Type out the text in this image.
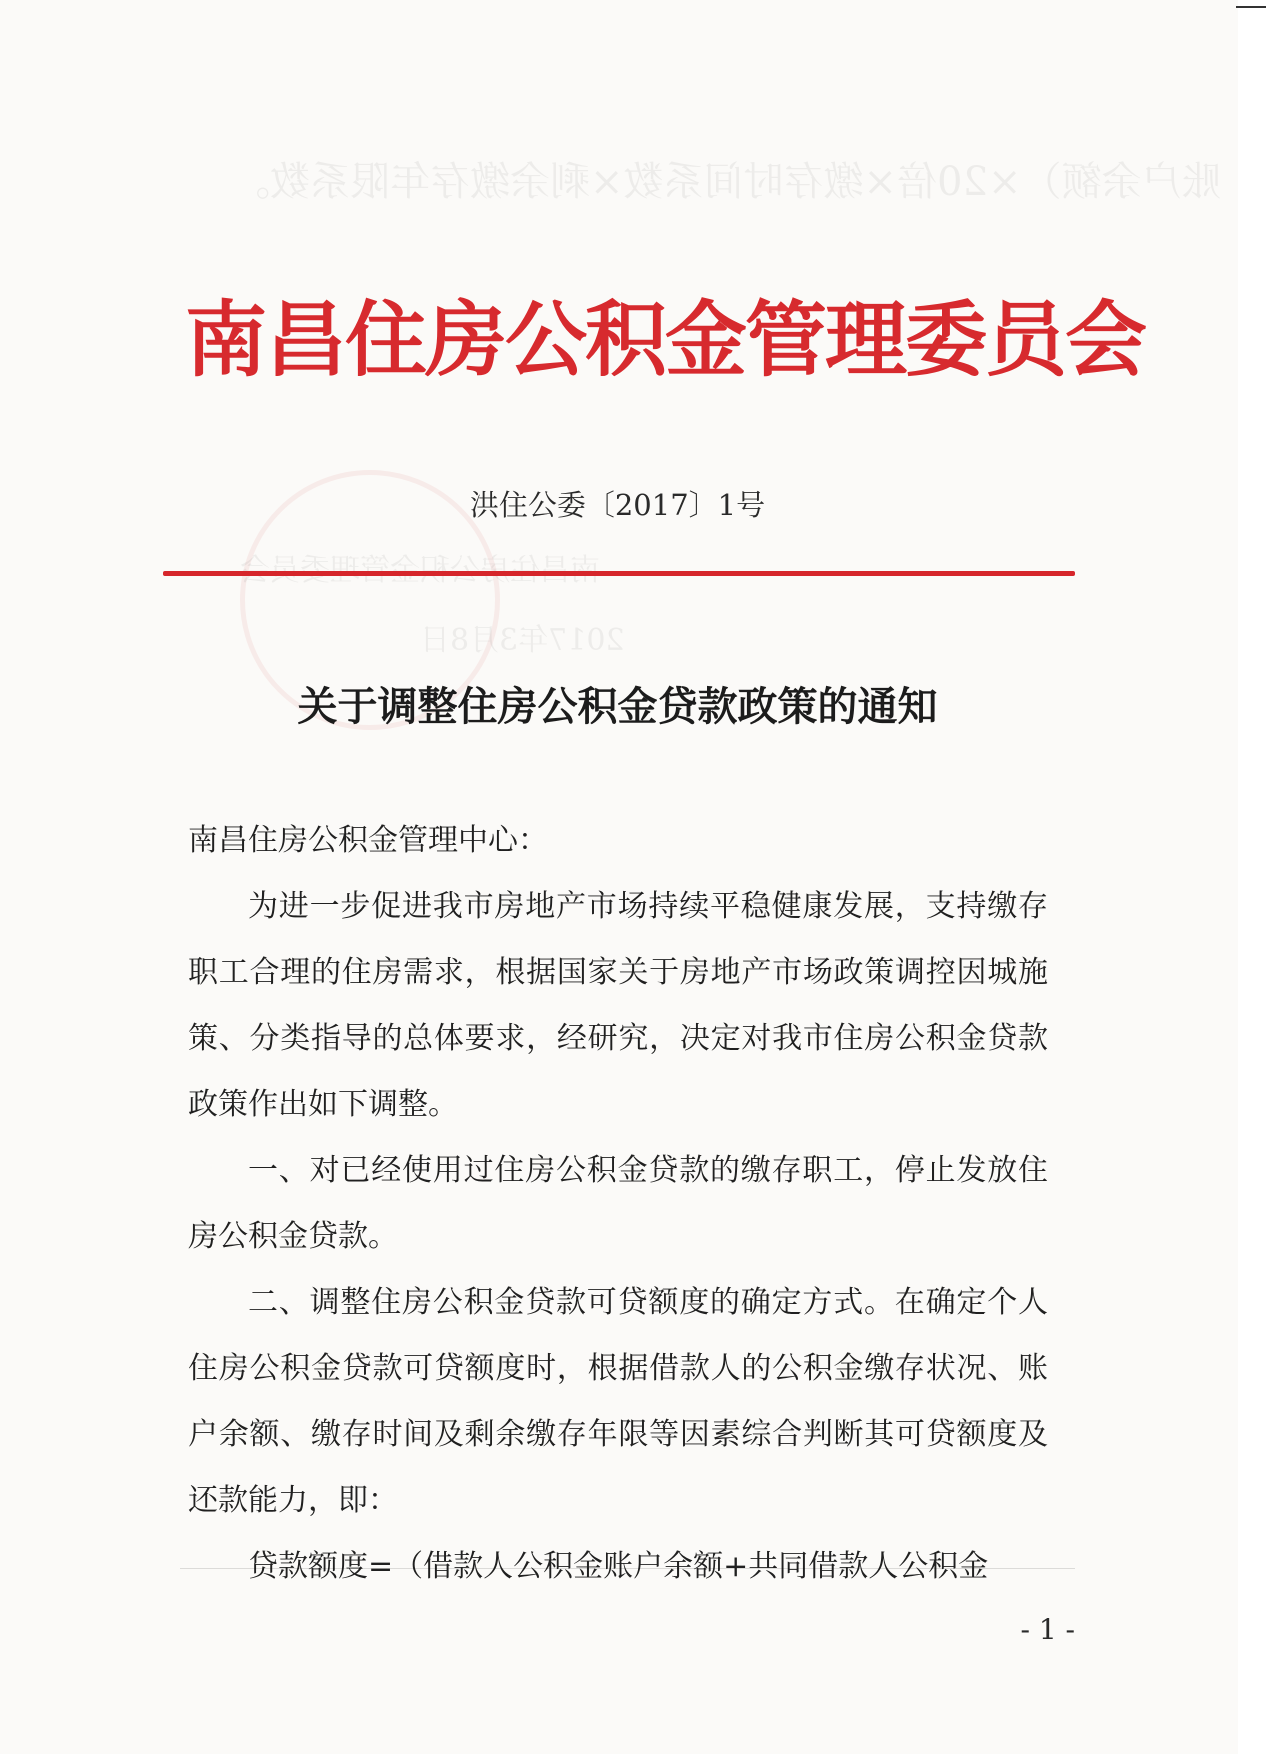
账户余额）×20倍×缴存时间系数×剩余缴存年限系数。
2017年3月8日
南昌住房公积金管理委员会
洪住公委〔2017〕1号
关于调整住房公积金贷款政策的通知

南昌住房公积金管理中心：

为进一步促进我市房地产市场持续平稳健康发展，支持缴存职工合理的住房需求，根据国家关于房地产市场政策调控因城施策、分类指导的总体要求，经研究，决定对我市住房公积金贷款政策作出如下调整。

一、对已经使用过住房公积金贷款的缴存职工，停止发放住房公积金贷款。

二、调整住房公积金贷款可贷额度的确定方式。在确定个人住房公积金贷款可贷额度时，根据借款人的公积金缴存状况、账户余额、缴存时间及剩余缴存年限等因素综合判断其可贷额度及还款能力，即：

贷款额度=（借款人公积金账户余额+共同借款人公积金

- 1 -
